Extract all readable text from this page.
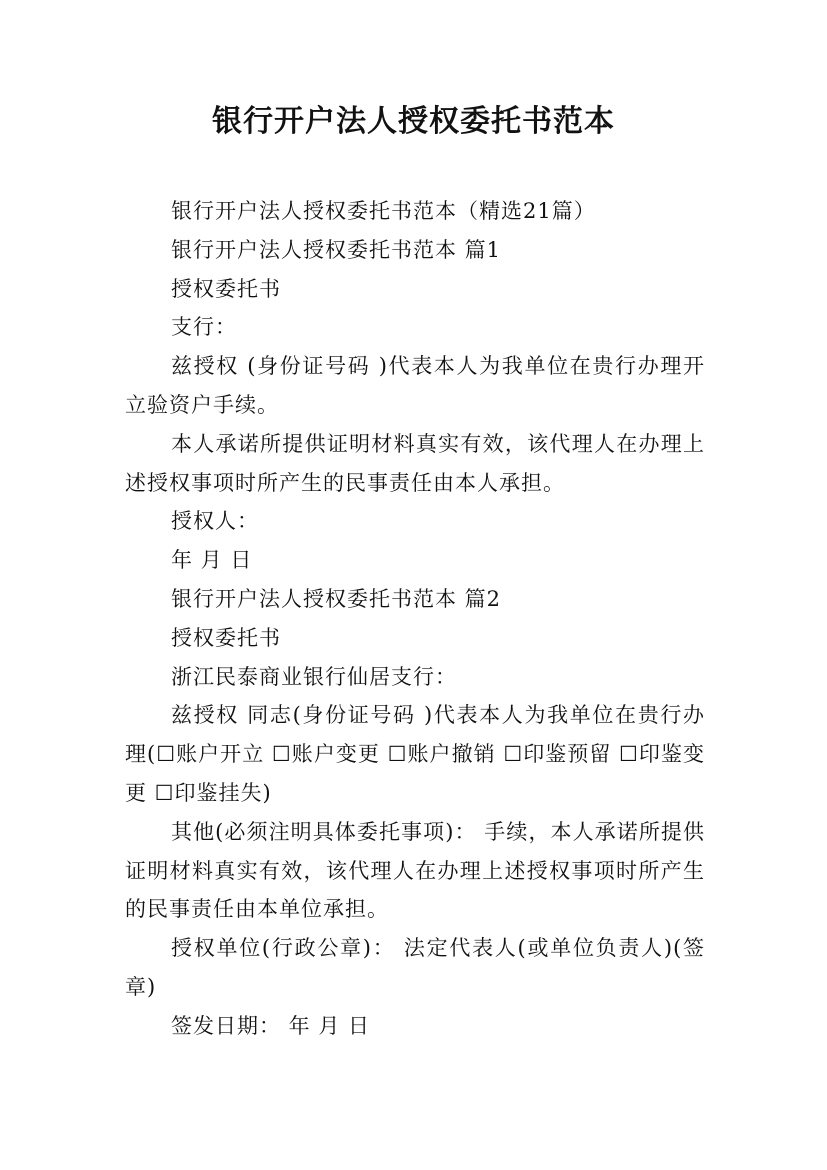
银行开户法人授权委托书范本

银行开户法人授权委托书范本（精选21篇）

银行开户法人授权委托书范本 篇1

授权委托书

支行：

兹授权 (身份证号码 )代表本人为我单位在贵行办理开立验资户手续。

本人承诺所提供证明材料真实有效，该代理人在办理上述授权事项时所产生的民事责任由本人承担。

授权人：

年 月 日

银行开户法人授权委托书范本 篇2

授权委托书

浙江民泰商业银行仙居支行：

兹授权 同志(身份证号码 )代表本人为我单位在贵行办理(☐账户开立 ☐账户变更 ☐账户撤销 ☐印鉴预留 ☐印鉴变更 ☐印鉴挂失)

其他(必须注明具体委托事项)： 手续，本人承诺所提供证明材料真实有效，该代理人在办理上述授权事项时所产生的民事责任由本单位承担。

授权单位(行政公章)： 法定代表人(或单位负责人)(签章)

签发日期： 年 月 日
